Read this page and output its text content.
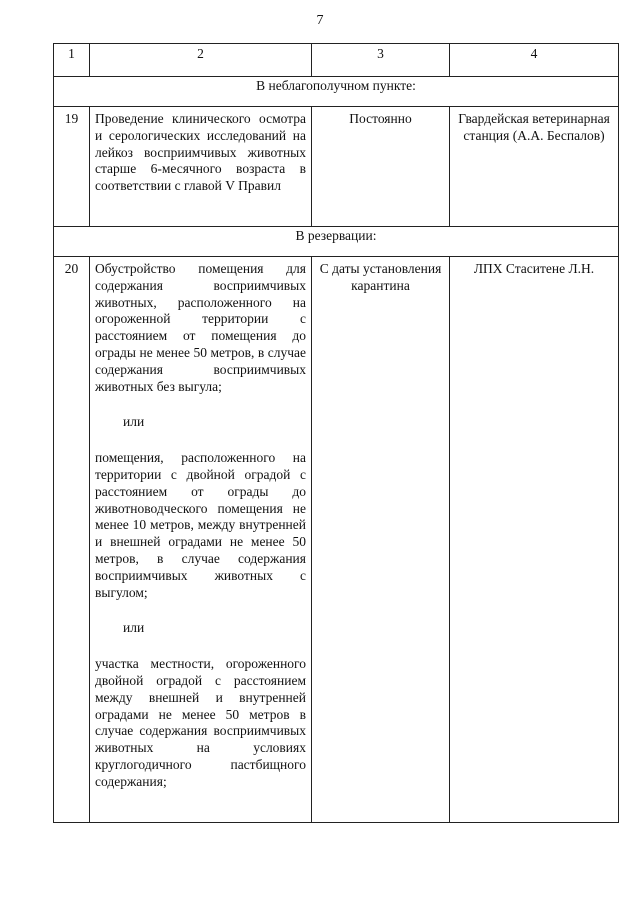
7
1	2	3	4
В неблагополучном пункте:			
19	Проведение клинического осмотра и серологических исследований на лейкоз восприимчивых животных старше 6-месячного возраста в соответствии с главой V Правил	Постоянно	Гвардейская ветеринарная станция (А.А. Беспалов)
В резервации:			
20	Обустройство помещения для содержания восприимчивых животных, расположенного на огороженной территории с расстоянием от помещения до ограды не менее 50 метров, в случае содержания восприимчивых животных без выгула;

или

помещения, расположенного на территории с двойной оградой с расстоянием от ограды до животноводческого помещения не менее 10 метров, между внутренней и внешней оградами не менее 50 метров, в случае содержания восприимчивых животных с выгулом;

или

участка местности, огороженного двойной оградой с расстоянием между внешней и внутренней оградами не менее 50 метров в случае содержания восприимчивых животных на условиях круглогодичного пастбищного содержания;	С даты установления карантина	ЛПХ Стаситене Л.Н.
